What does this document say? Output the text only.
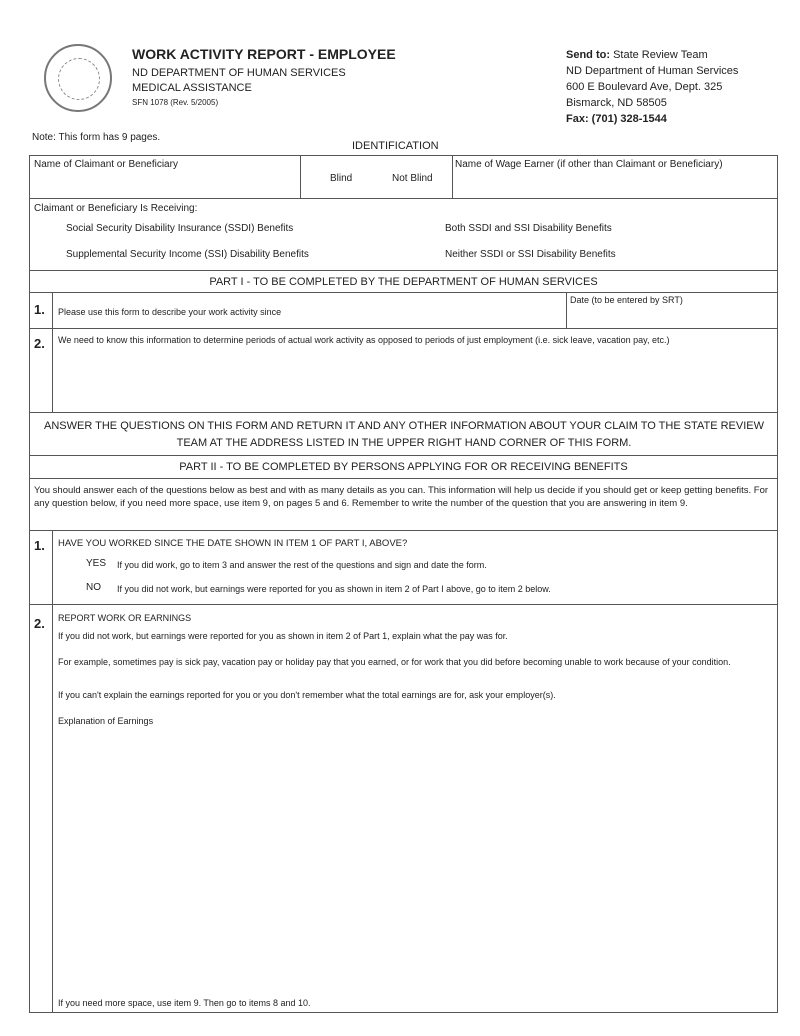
WORK ACTIVITY REPORT - EMPLOYEE
ND DEPARTMENT OF HUMAN SERVICES
MEDICAL ASSISTANCE
SFN 1078 (Rev. 5/2005)
Send to: State Review Team
ND Department of Human Services
600 E Boulevard Ave, Dept. 325
Bismarck, ND 58505
Fax: (701) 328-1544
Note: This form has 9 pages.
IDENTIFICATION
Name of Claimant or Beneficiary
Blind	Not Blind
Name of Wage Earner (if other than Claimant or Beneficiary)
Claimant or Beneficiary Is Receiving:
Social Security Disability Insurance (SSDI) Benefits	Both SSDI and SSI Disability Benefits
Supplemental Security Income (SSI) Disability Benefits	Neither SSDI or SSI Disability Benefits
PART I - TO BE COMPLETED BY THE DEPARTMENT OF HUMAN SERVICES
1. Please use this form to describe your work activity since
Date (to be entered by SRT)
2. We need to know this information to determine periods of actual work activity as opposed to periods of just employment (i.e. sick leave, vacation pay, etc.)
ANSWER THE QUESTIONS ON THIS FORM AND RETURN IT AND ANY OTHER INFORMATION ABOUT YOUR CLAIM TO THE STATE REVIEW TEAM AT THE ADDRESS LISTED IN THE UPPER RIGHT HAND CORNER OF THIS FORM.
PART II - TO BE COMPLETED BY PERSONS APPLYING FOR OR RECEIVING BENEFITS
You should answer each of the questions below as best and with as many details as you can. This information will help us decide if you should get or keep getting benefits. For any question below, if you need more space, use item 9, on pages 5 and 6. Remember to write the number of the question that you are answering in item 9.
1. HAVE YOU WORKED SINCE THE DATE SHOWN IN ITEM 1 OF PART I, ABOVE?
YES If you did work, go to item 3 and answer the rest of the questions and sign and date the form.
NO If you did not work, but earnings were reported for you as shown in item 2 of Part I above, go to item 2 below.
2. REPORT WORK OR EARNINGS
If you did not work, but earnings were reported for you as shown in item 2 of Part 1, explain what the pay was for.
For example, sometimes pay is sick pay, vacation pay or holiday pay that you earned, or for work that you did before becoming unable to work because of your condition.
If you can't explain the earnings reported for you or you don't remember what the total earnings are for, ask your employer(s).
Explanation of Earnings
If you need more space, use item 9. Then go to items 8 and 10.
